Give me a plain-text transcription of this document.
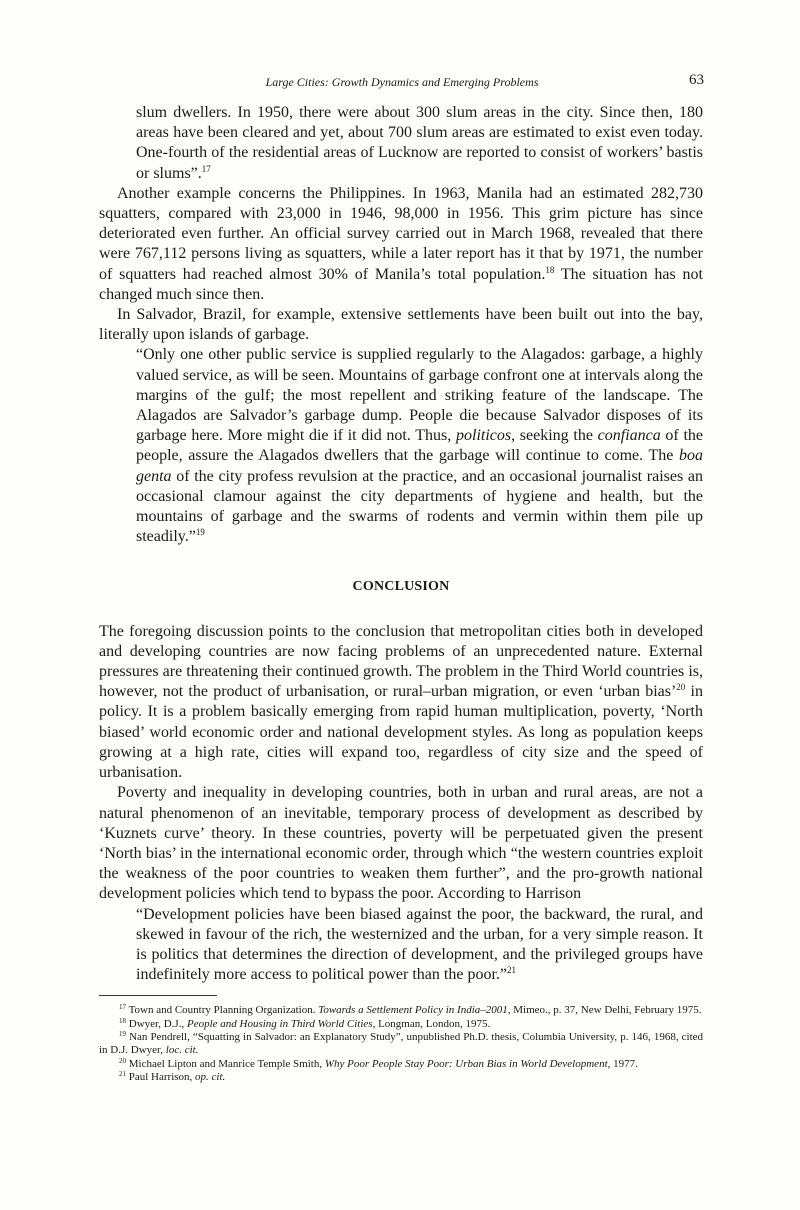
Large Cities: Growth Dynamics and Emerging Problems	63

slum dwellers. In 1950, there were about 300 slum areas in the city. Since then, 180 areas have been cleared and yet, about 700 slum areas are estimated to exist even today. One-fourth of the residential areas of Lucknow are reported to consist of workers’ bastis or slums”.$^{17}$

Another example concerns the Philippines. In 1963, Manila had an estimated 282,730 squatters, compared with 23,000 in 1946, 98,000 in 1956. This grim picture has since deteriorated even further. An official survey carried out in March 1968, revealed that there were 767,112 persons living as squatters, while a later report has it that by 1971, the number of squatters had reached almost 30% of Manila’s total population.$^{18}$ The situation has not changed much since then.

In Salvador, Brazil, for example, extensive settlements have been built out into the bay, literally upon islands of garbage.

“Only one other public service is supplied regularly to the Alagados: garbage, a highly valued service, as will be seen. Mountains of garbage confront one at intervals along the margins of the gulf; the most repellent and striking feature of the landscape. The Alagados are Salvador’s garbage dump. People die because Salvador disposes of its garbage here. More might die if it did not. Thus, politicos, seeking the confianca of the people, assure the Alagados dwellers that the garbage will continue to come. The boa genta of the city profess revulsion at the practice, and an occasional journalist raises an occasional clamour against the city departments of hygiene and health, but the mountains of garbage and the swarms of rodents and vermin within them pile up steadily.”$^{19}$

CONCLUSION

The foregoing discussion points to the conclusion that metropolitan cities both in developed and developing countries are now facing problems of an unprecedented nature. External pressures are threatening their continued growth. The problem in the Third World countries is, however, not the product of urbanisation, or rural–urban migration, or even ‘urban bias’$^{20}$ in policy. It is a problem basically emerging from rapid human multiplication, poverty, ‘North biased’ world economic order and national development styles. As long as population keeps growing at a high rate, cities will expand too, regardless of city size and the speed of urbanisation.

Poverty and inequality in developing countries, both in urban and rural areas, are not a natural phenomenon of an inevitable, temporary process of development as described by ‘Kuznets curve’ theory. In these countries, poverty will be perpetuated given the present ‘North bias’ in the international economic order, through which “the western countries exploit the weakness of the poor countries to weaken them further”, and the pro-growth national development policies which tend to bypass the poor. According to Harrison

“Development policies have been biased against the poor, the backward, the rural, and skewed in favour of the rich, the westernized and the urban, for a very simple reason. It is politics that determines the direction of development, and the privileged groups have indefinitely more access to political power than the poor.”$^{21}$

$^{17}$ Town and Country Planning Organization. Towards a Settlement Policy in India–2001, Mimeo., p. 37, New Delhi, February 1975.
$^{18}$ Dwyer, D.J., People and Housing in Third World Cities, Longman, London, 1975.
$^{19}$ Nan Pendrell, “Squatting in Salvador: an Explanatory Study”, unpublished Ph.D. thesis, Columbia University, p. 146, 1968, cited in D.J. Dwyer, loc. cit.
$^{20}$ Michael Lipton and Manrice Temple Smith, Why Poor People Stay Poor: Urban Bias in World Development, 1977.
$^{21}$ Paul Harrison, op. cit.
